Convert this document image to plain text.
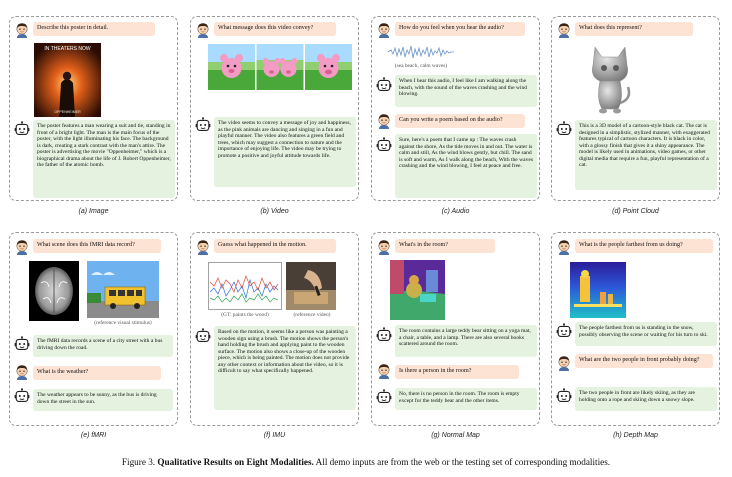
Describe this poster in detail.
IN THEATERS NOW
OPPENHEIMER
The poster features a man wearing a suit and tie, standing in front of a bright light. The man is the main focus of the poster, with the light illuminating his face. The background is dark, creating a stark contrast with the man's attire. The poster is advertising the movie "Oppenheimer," which is a biographical drama about the life of J. Robert Oppenheimer, the father of the atomic bomb.
(a) Image
What message does this video convey?
The video seems to convey a message of joy and happiness, as the pink animals are dancing and singing in a fun and playful manner. The video also features a green field and trees, which may suggest a connection to nature and the importance of enjoying life. The video may be trying to promote a positive and joyful attitude towards life.
(b) Video
How do you feel when you hear the audio?
(sea beach, calm waves)
When I hear this audio, I feel like I am walking along the beach, with the sound of the waves crashing and the wind blowing.
Can you write a poem based on the audio?
Sure, here's a poem that I came up : The waves crash against the shore, As the tide moves in and out. The water is calm and still, As the wind blows gently, but chill. The sand is soft and warm, As I walk along the beach, With the waves crashing and the wind blowing, I feel at peace and free.
(c) Audio
What does this represent?
This is a 3D model of a cartoon-style black cat. The cat is designed in a simplistic, stylized manner, with exaggerated features typical of cartoon characters. It is black in color, with a glossy finish that gives it a shiny appearance. The model is likely used in animations, video games, or other digital media that require a fun, playful representation of a cat.
(d) Point Cloud
What scene does this fMRI data record?
(reference visual stimulus)
The fMRI data records a scene of a city street with a bus driving down the road.
What is the weather?
The weather appears to be sunny, as the bus is driving down the street in the sun.
(e) fMRI
Guess what happened in the motion.
(GT: paints the wood)	(reference video)
Based on the motion, it seems like a person was painting a wooden sign using a brush. The motion shows the person's hand holding the brush and applying paint to the wooden surface. The motion also shows a close-up of the wooden piece, which is being painted. The motion does not provide any other context or information about the video, so it is difficult to say what specifically happened.
(f) IMU
What's in the room?
The room contains a large teddy bear sitting on a yoga mat, a chair, a table, and a lamp. There are also several books scattered around the room.
Is there a person in the room?
No, there is no person in the room. The room is empty except for the teddy bear and the other items.
(g) Normal Map
What is the people farthest from us doing?
The people farthest from us is standing in the snow, possibly observing the scene or waiting for his turn to ski.
What are the two people in front probably doing?
The two people in front are likely skiing, as they are holding onto a rope and skiing down a snowy slope.
(h) Depth Map
Figure 3. Qualitative Results on Eight Modalities. All demo inputs are from the web or the testing set of corresponding modalities.
